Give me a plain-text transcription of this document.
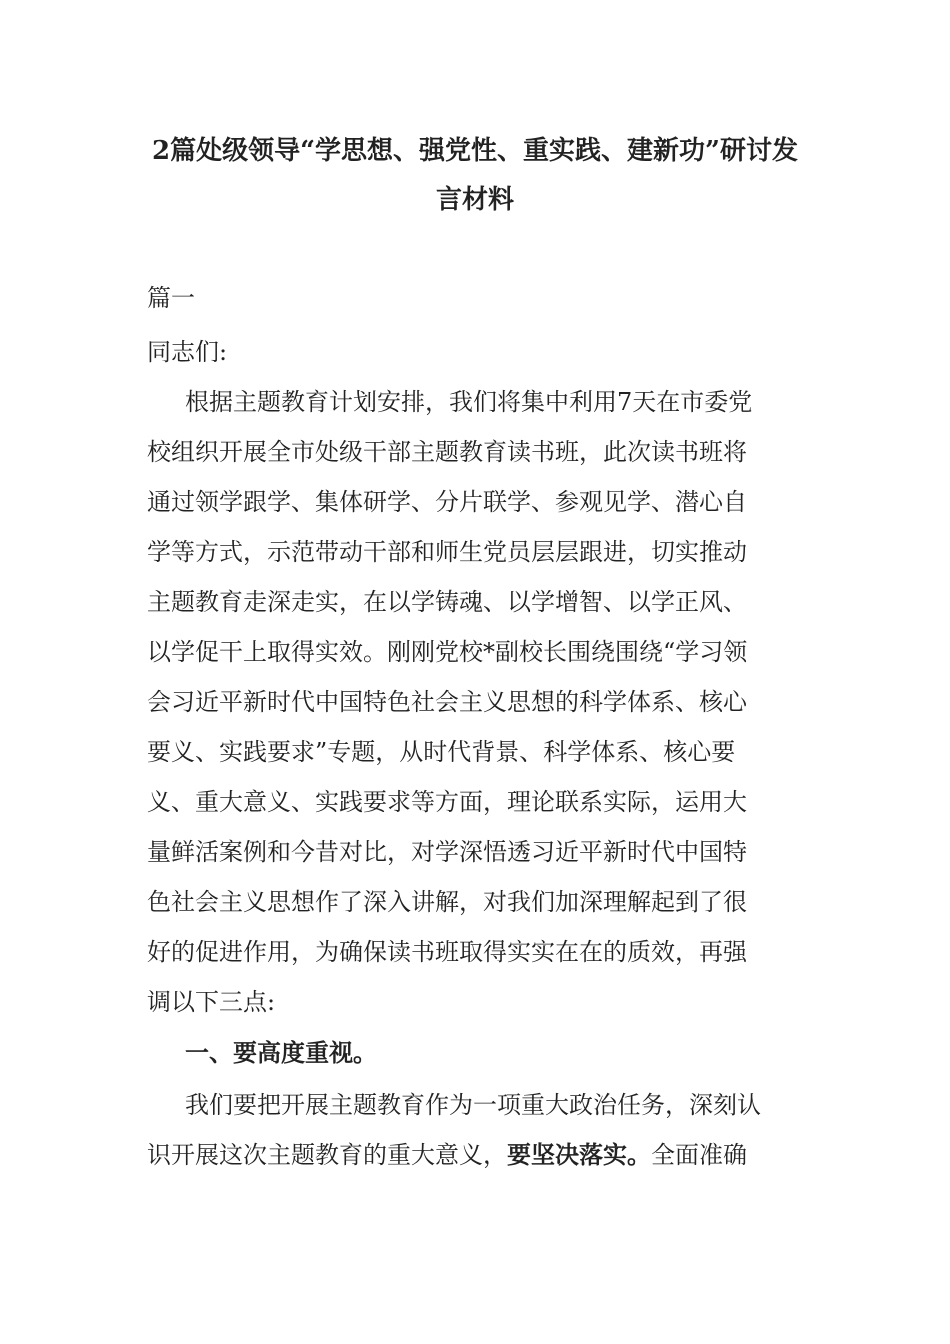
2篇处级领导“学思想、强党性、重实践、建新功”研讨发
言材料
篇一
同志们:
根据主题教育计划安排，我们将集中利用7天在市委党
校组织开展全市处级干部主题教育读书班，此次读书班将
通过领学跟学、集体研学、分片联学、参观见学、潜心自
学等方式，示范带动干部和师生党员层层跟进，切实推动
主题教育走深走实，在以学铸魂、以学增智、以学正风、
以学促干上取得实效。刚刚党校*副校长围绕围绕“学习领
会习近平新时代中国特色社会主义思想的科学体系、核心
要义、实践要求”专题，从时代背景、科学体系、核心要
义、重大意义、实践要求等方面，理论联系实际，运用大
量鲜活案例和今昔对比，对学深悟透习近平新时代中国特
色社会主义思想作了深入讲解，对我们加深理解起到了很
好的促进作用，为确保读书班取得实实在在的质效，再强
调以下三点:
一、要高度重视。
我们要把开展主题教育作为一项重大政治任务，深刻认
识开展这次主题教育的重大意义，要坚决落实。全面准确
